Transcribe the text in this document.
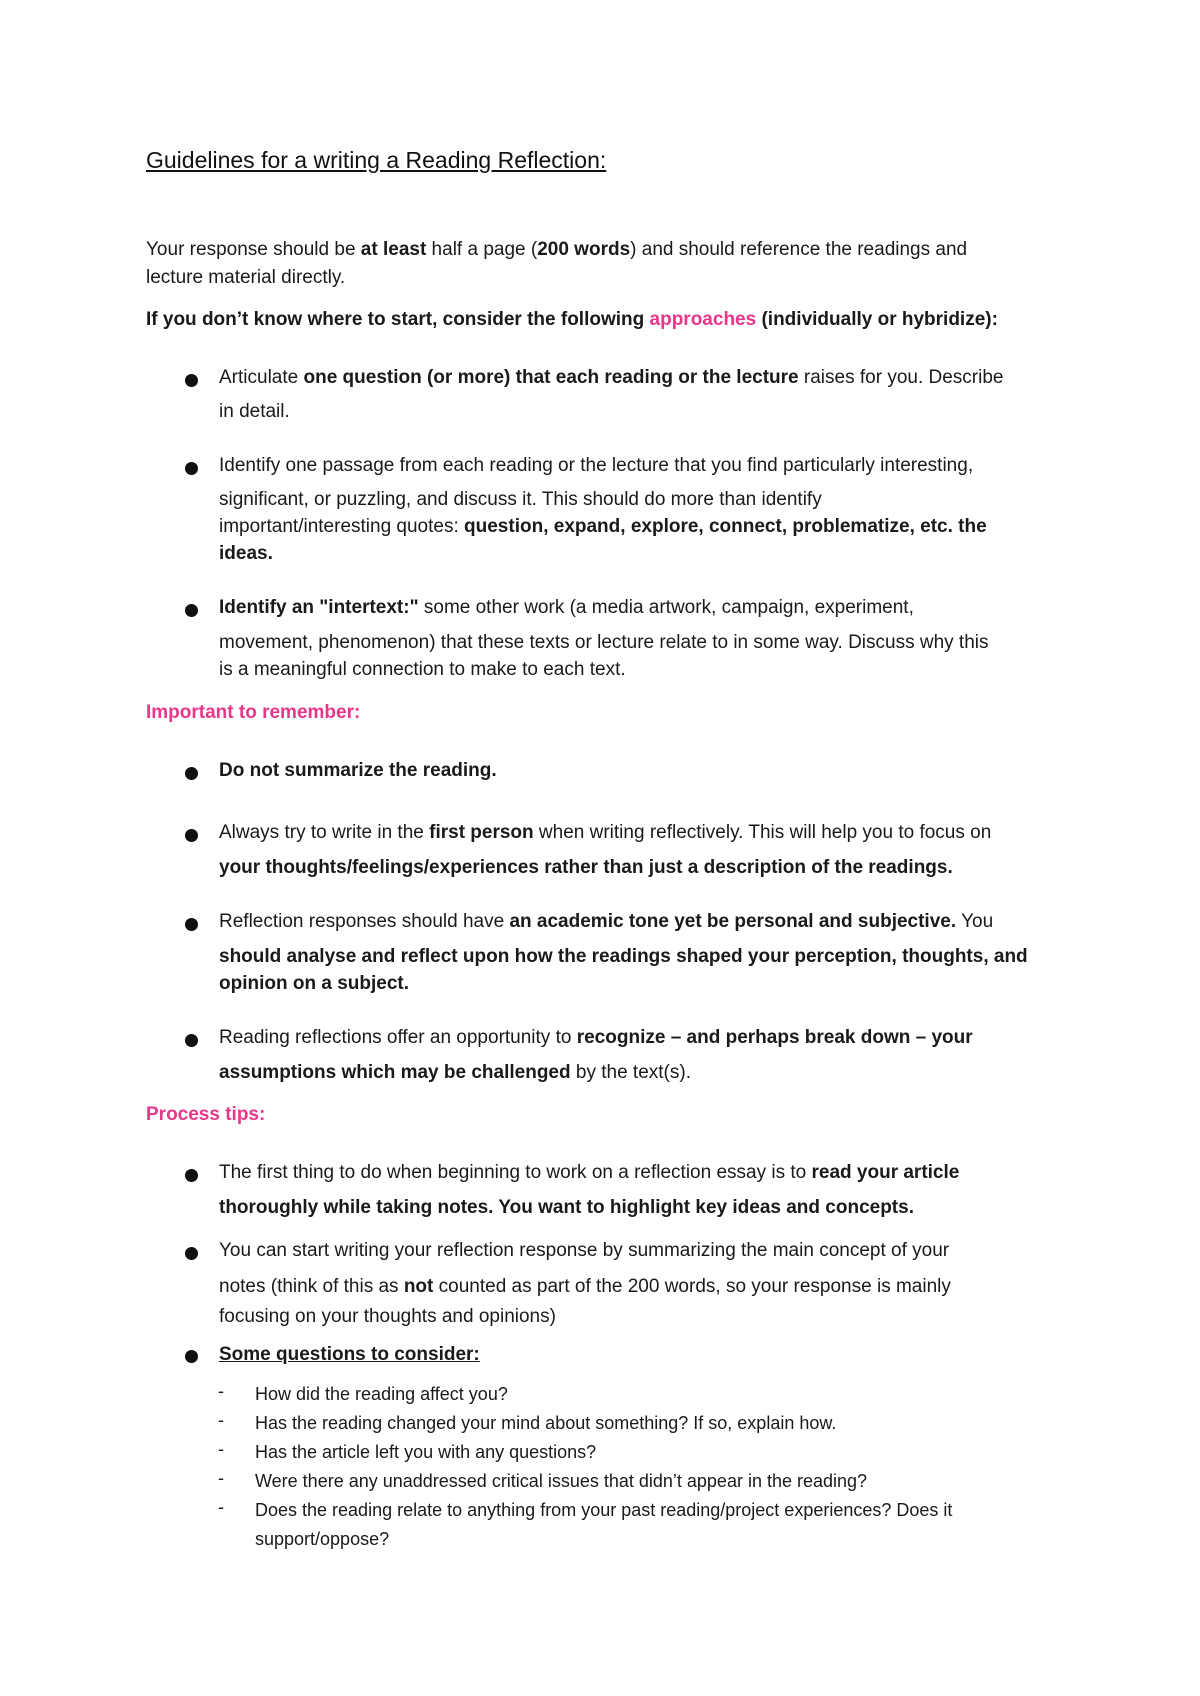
Guidelines for a writing a Reading Reflection:
Your response should be at least half a page (200 words) and should reference the readings and
lecture material directly.
If you don’t know where to start, consider the following approaches (individually or hybridize):
Articulate one question (or more) that each reading or the lecture raises for you. Describe
in detail.
Identify one passage from each reading or the lecture that you find particularly interesting,
significant, or puzzling, and discuss it. This should do more than identify
important/interesting quotes: question, expand, explore, connect, problematize, etc. the
ideas.
Identify an "intertext:" some other work (a media artwork, campaign, experiment,
movement, phenomenon) that these texts or lecture relate to in some way. Discuss why this
is a meaningful connection to make to each text.
Important to remember:
Do not summarize the reading.
Always try to write in the first person when writing reflectively. This will help you to focus on
your thoughts/feelings/experiences rather than just a description of the readings.
Reflection responses should have an academic tone yet be personal and subjective. You
should analyse and reflect upon how the readings shaped your perception, thoughts, and
opinion on a subject.
Reading reflections offer an opportunity to recognize – and perhaps break down – your
assumptions which may be challenged by the text(s).
Process tips:
The first thing to do when beginning to work on a reflection essay is to read your article
thoroughly while taking notes. You want to highlight key ideas and concepts.
You can start writing your reflection response by summarizing the main concept of your
notes (think of this as not counted as part of the 200 words, so your response is mainly
focusing on your thoughts and opinions)
Some questions to consider:
- How did the reading affect you?
- Has the reading changed your mind about something? If so, explain how.
- Has the article left you with any questions?
- Were there any unaddressed critical issues that didn’t appear in the reading?
- Does the reading relate to anything from your past reading/project experiences? Does it
support/oppose?
